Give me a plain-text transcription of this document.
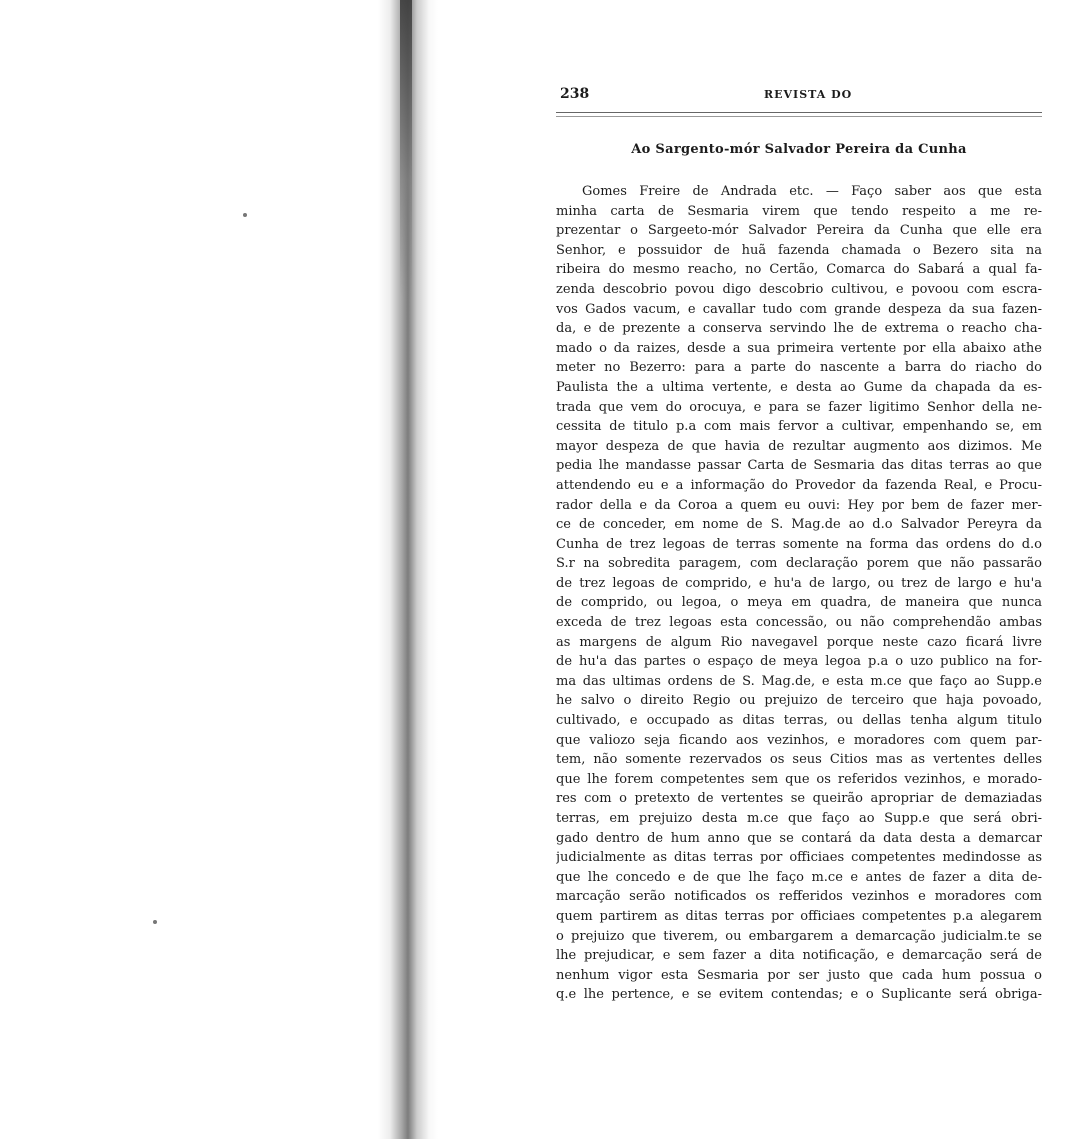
238	REVISTA DO
Ao Sargento-mór Salvador Pereira da Cunha
Gomes Freire de Andrada etc. — Faço saber aos que esta
minha carta de Sesmaria virem que tendo respeito a me re-
prezentar o Sargeeto-mór Salvador Pereira da Cunha que elle era
Senhor, e possuidor de huã fazenda chamada o Bezero sita na
ribeira do mesmo reacho, no Certão, Comarca do Sabará a qual fa-
zenda descobrio povou digo descobrio cultivou, e povoou com escra-
vos Gados vacum, e cavallar tudo com grande despeza da sua fazen-
da, e de prezente a conserva servindo lhe de extrema o reacho cha-
mado o da raizes, desde a sua primeira vertente por ella abaixo athe
meter no Bezerro: para a parte do nascente a barra do riacho do
Paulista the a ultima vertente, e desta ao Gume da chapada da es-
trada que vem do orocuya, e para se fazer ligitimo Senhor della ne-
cessita de titulo p.a com mais fervor a cultivar, empenhando se, em
mayor despeza de que havia de rezultar augmento aos dizimos. Me
pedia lhe mandasse passar Carta de Sesmaria das ditas terras ao que
attendendo eu e a informação do Provedor da fazenda Real, e Procu-
rador della e da Coroa a quem eu ouvi: Hey por bem de fazer mer-
ce de conceder, em nome de S. Mag.de ao d.o Salvador Pereyra da
Cunha de trez legoas de terras somente na forma das ordens do d.o
S.r na sobredita paragem, com declaração porem que não passarão
de trez legoas de comprido, e hu'a de largo, ou trez de largo e hu'a
de comprido, ou legoa, o meya em quadra, de maneira que nunca
exceda de trez legoas esta concessão, ou não comprehendão ambas
as margens de algum Rio navegavel porque neste cazo ficará livre
de hu'a das partes o espaço de meya legoa p.a o uzo publico na for-
ma das ultimas ordens de S. Mag.de, e esta m.ce que faço ao Supp.e
he salvo o direito Regio ou prejuizo de terceiro que haja povoado,
cultivado, e occupado as ditas terras, ou dellas tenha algum titulo
que valiozo seja ficando aos vezinhos, e moradores com quem par-
tem, não somente rezervados os seus Citios mas as vertentes delles
que lhe forem competentes sem que os referidos vezinhos, e morado-
res com o pretexto de vertentes se queirão apropriar de demaziadas
terras, em prejuizo desta m.ce que faço ao Supp.e que será obri-
gado dentro de hum anno que se contará da data desta a demarcar
judicialmente as ditas terras por officiaes competentes medindosse as
que lhe concedo e de que lhe faço m.ce e antes de fazer a dita de-
marcação serão notificados os refferidos vezinhos e moradores com
quem partirem as ditas terras por officiaes competentes p.a alegarem
o prejuizo que tiverem, ou embargarem a demarcação judicialm.te se
lhe prejudicar, e sem fazer a dita notificação, e demarcação será de
nenhum vigor esta Sesmaria por ser justo que cada hum possua o
q.e lhe pertence, e se evitem contendas; e o Suplicante será obriga-
